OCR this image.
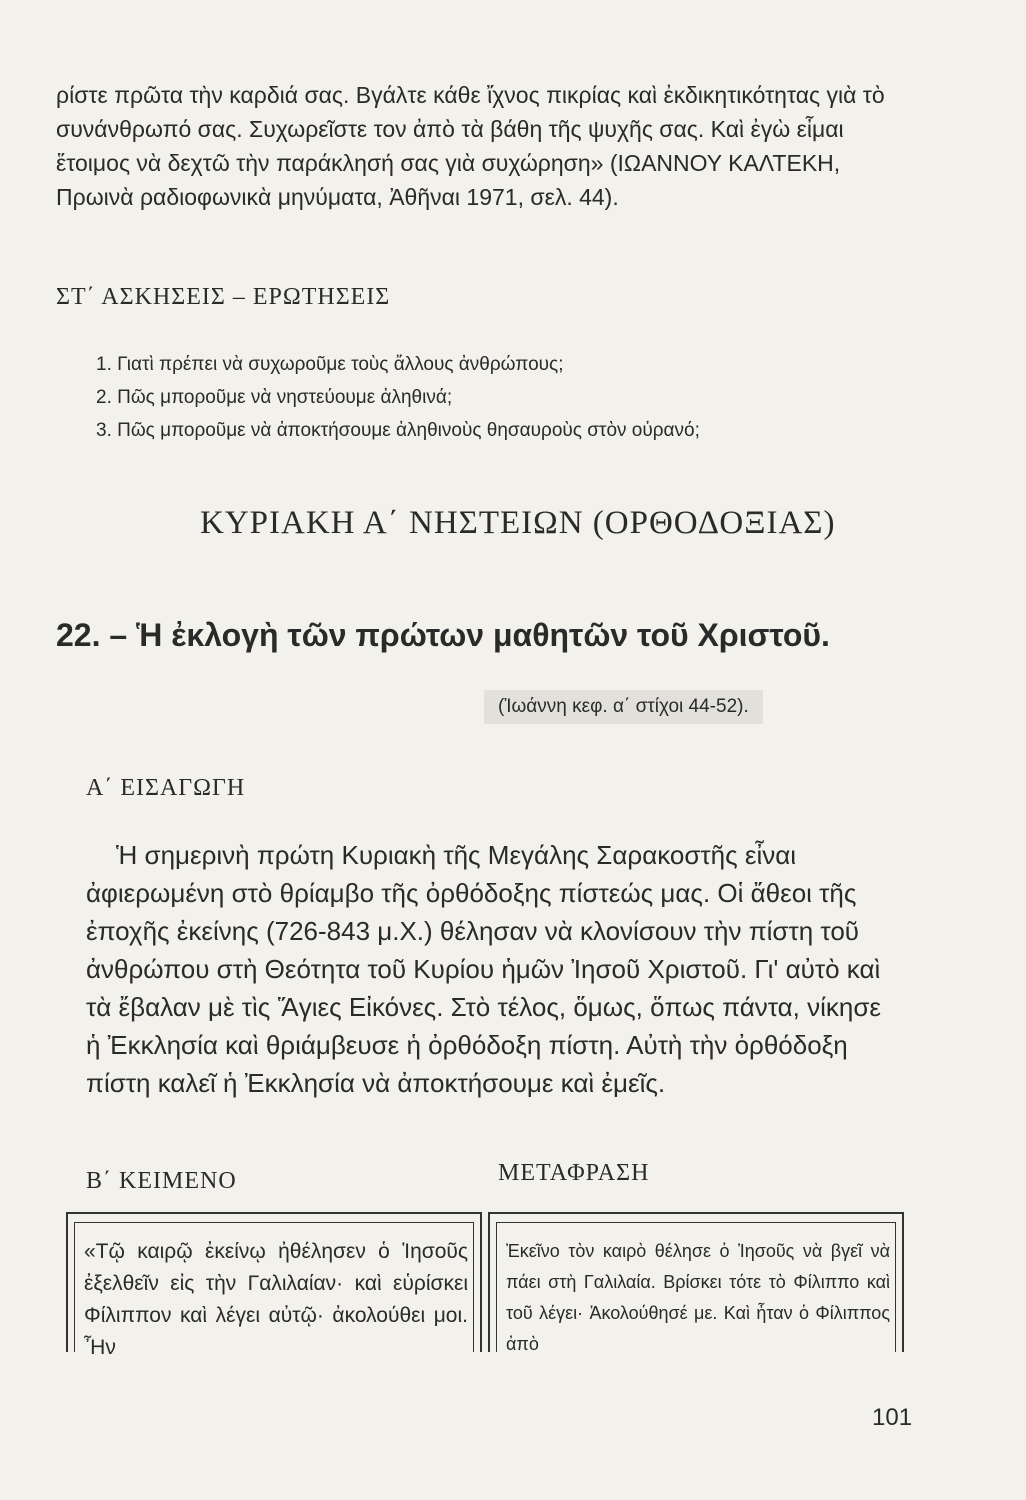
ρίστε πρῶτα τὴν καρδιά σας. Βγάλτε κάθε ἴχνος πικρίας καὶ ἐκδικητικότητας γιὰ τὸ συνάνθρωπό σας. Συχωρεῖστε τον ἀπὸ τὰ βάθη τῆς ψυχῆς σας. Καὶ ἐγὼ εἶμαι ἕτοιμος νὰ δεχτῶ τὴν παράκλησή σας γιὰ συχώρηση» (ΙΩΑΝΝΟΥ ΚΑΛΤΕΚΗ, Πρωινὰ ραδιοφωνικὰ μηνύματα, Ἀθῆναι 1971, σελ. 44).

ΣΤ΄ ΑΣΚΗΣΕΙΣ – ΕΡΩΤΗΣΕΙΣ
1. Γιατὶ πρέπει νὰ συχωροῦμε τοὺς ἄλλους ἀνθρώπους;
2. Πῶς μποροῦμε νὰ νηστεύουμε ἀληθινά;
3. Πῶς μποροῦμε νὰ ἀποκτήσουμε ἀληθινοὺς θησαυροὺς στὸν οὐρανό;
ΚΥΡΙΑΚΗ Α΄ ΝΗΣΤΕΙΩΝ (ΟΡΘΟΔΟΞΙΑΣ)
22. – Ἡ ἐκλογὴ τῶν πρώτων μαθητῶν τοῦ Χριστοῦ.
(Ἰωάννη κεφ. α΄ στίχοι 44-52).
Α΄ ΕΙΣΑΓΩΓΗ

Ἡ σημερινὴ πρώτη Κυριακὴ τῆς Μεγάλης Σαρακοστῆς εἶναι ἀφιερωμένη στὸ θρίαμβο τῆς ὀρθόδοξης πίστεώς μας. Οἱ ἄθεοι τῆς ἐποχῆς ἐκείνης (726-843 μ.Χ.) θέλησαν νὰ κλονίσουν τὴν πίστη τοῦ ἀνθρώπου στὴ Θεότητα τοῦ Κυρίου ἡμῶν Ἰησοῦ Χριστοῦ. Γι' αὐτὸ καὶ τὰ ἔβαλαν μὲ τὶς Ἅγιες Εἰκόνες. Στὸ τέλος, ὅμως, ὅπως πάντα, νίκησε ἡ Ἐκκλησία καὶ θριάμβευσε ἡ ὀρθόδοξη πίστη. Αὐτὴ τὴν ὀρθόδοξη πίστη καλεῖ ἡ Ἐκκλησία νὰ ἀποκτήσουμε καὶ ἐμεῖς.

Β΄ ΚΕΙΜΕΝΟ	ΜΕΤΑΦΡΑΣΗ

«Τῷ καιρῷ ἐκείνῳ ἠθέλησεν ὁ Ἰησοῦς ἐξελθεῖν εἰς τὴν Γαλιλαίαν· καὶ εὑρίσκει Φίλιππον καὶ λέγει αὐτῷ· ἀκολούθει μοι. Ἦν

Ἐκεῖνο τὸν καιρὸ θέλησε ὁ Ἰησοῦς νὰ βγεῖ νὰ πάει στὴ Γαλιλαία. Βρίσκει τότε τὸ Φίλιππο καὶ τοῦ λέγει· Ἀκολούθησέ με. Καὶ ἦταν ὁ Φίλιππος ἀπὸ

101
